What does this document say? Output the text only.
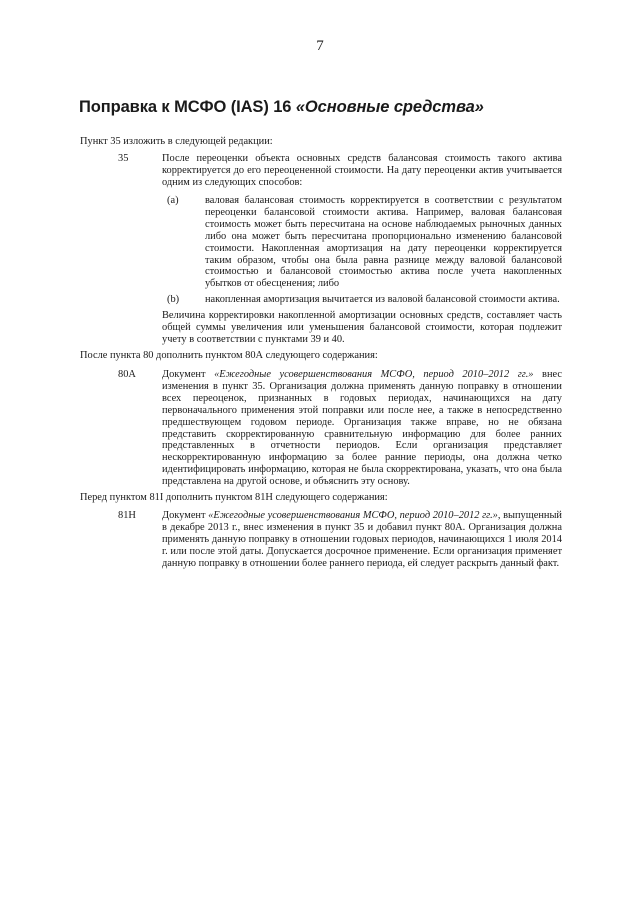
7
Поправка к МСФО (IAS) 16 «Основные средства»
Пункт 35 изложить в следующей редакции:
35	После переоценки объекта основных средств балансовая стоимость такого актива корректируется до его переоцененной стоимости. На дату переоценки актив учитывается одним из следующих способов:
(a)	валовая балансовая стоимость корректируется в соответствии с результатом переоценки балансовой стоимости актива. Например, валовая балансовая стоимость может быть пересчитана на основе наблюдаемых рыночных данных либо она может быть пересчитана пропорционально изменению балансовой стоимости. Накопленная амортизация на дату переоценки корректируется таким образом, чтобы она была равна разнице между валовой балансовой стоимостью и балансовой стоимостью актива после учета накопленных убытков от обесценения; либо
(b) накопленная амортизация вычитается из валовой балансовой стоимости актива.
Величина корректировки накопленной амортизации основных средств, составляет часть общей суммы увеличения или уменьшения балансовой стоимости, которая подлежит учету в соответствии с пунктами 39 и 40.
После пункта 80 дополнить пунктом 80А следующего содержания:
80А	Документ «Ежегодные усовершенствования МСФО, период 2010–2012 гг.» внес изменения в пункт 35. Организация должна применять данную поправку в отношении всех переоценок, признанных в годовых периодах, начинающихся на дату первоначального применения этой поправки или после нее, а также в непосредственно предшествующем годовом периоде. Организация также вправе, но не обязана представить скорректированную сравнительную информацию для более ранних представленных в отчетности периодов. Если организация представляет нескорректированную информацию за более ранние периоды, она должна четко идентифицировать информацию, которая не была скорректирована, указать, что она была представлена на другой основе, и объяснить эту основу.
Перед пунктом 81I дополнить пунктом 81H следующего содержания:
81H	Документ «Ежегодные усовершенствования МСФО, период 2010–2012 гг.», выпущенный в декабре 2013 г., внес изменения в пункт 35 и добавил пункт 80A. Организация должна применять данную поправку в отношении годовых периодов, начинающихся 1 июля 2014 г. или после этой даты. Допускается досрочное применение. Если организация применяет данную поправку в отношении более раннего периода, ей следует раскрыть данный факт.
